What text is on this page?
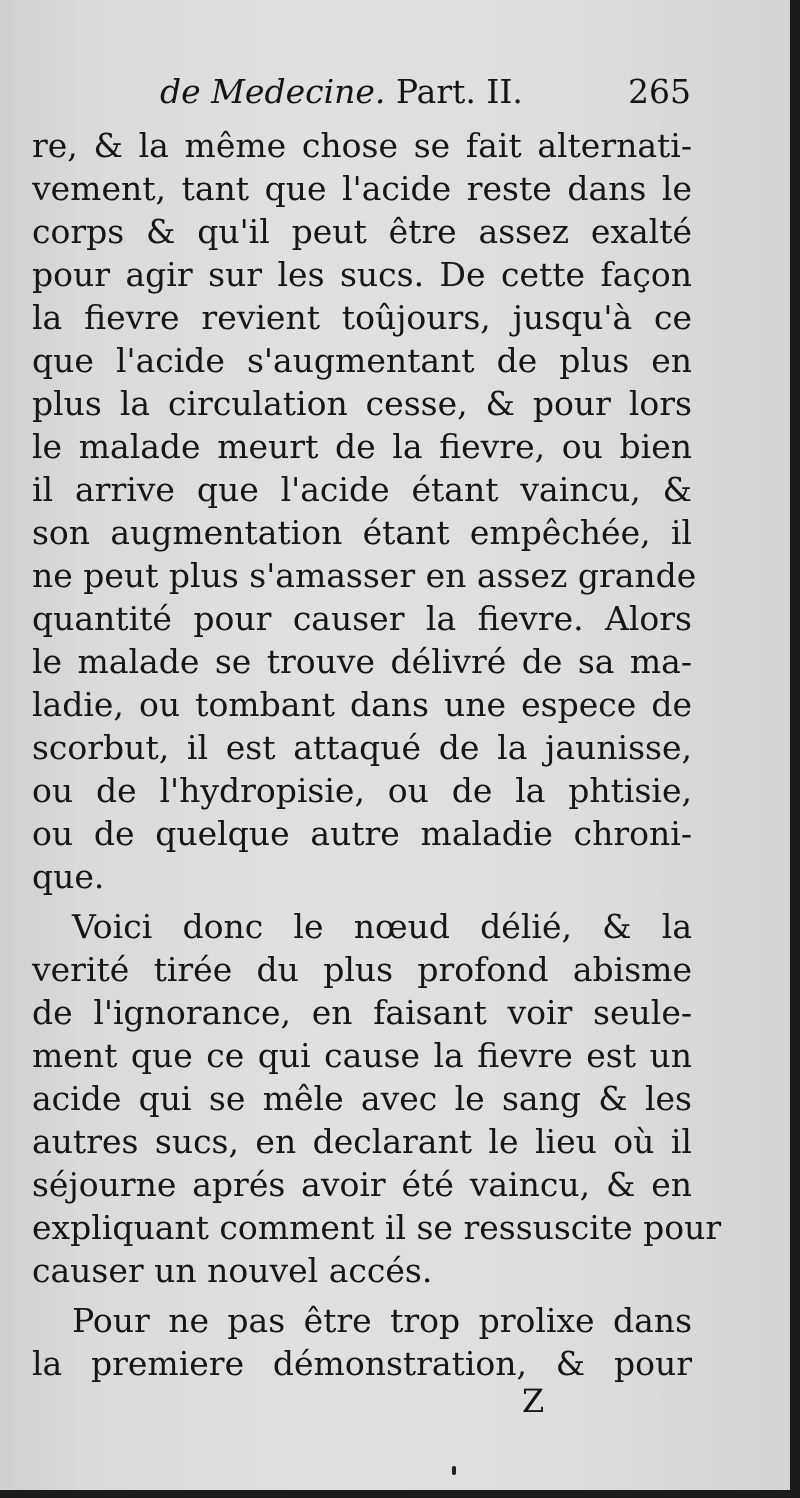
de Medecine. Part. II.	265
re, & la même chose se fait alternati-
vement, tant que l'acide reste dans le
corps & qu'il peut être assez exalté
pour agir sur les sucs. De cette façon
la fievre revient toûjours, jusqu'à ce
que l'acide s'augmentant de plus en
plus la circulation cesse, & pour lors
le malade meurt de la fievre, ou bien
il arrive que l'acide étant vaincu, &
son augmentation étant empêchée, il
ne peut plus s'amasser en assez grande
quantité pour causer la fievre. Alors
le malade se trouve délivré de sa ma-
ladie, ou tombant dans une espece de
scorbut, il est attaqué de la jaunisse,
ou de l'hydropisie, ou de la phtisie,
ou de quelque autre maladie chroni-
que.
Voici donc le nœud délié, & la
verité tirée du plus profond abisme
de l'ignorance, en faisant voir seule-
ment que ce qui cause la fievre est un
acide qui se mêle avec le sang & les
autres sucs, en declarant le lieu où il
séjourne aprés avoir été vaincu, & en
expliquant comment il se ressuscite pour
causer un nouvel accés.
Pour ne pas être trop prolixe dans
la premiere démonstration, & pour
Z
